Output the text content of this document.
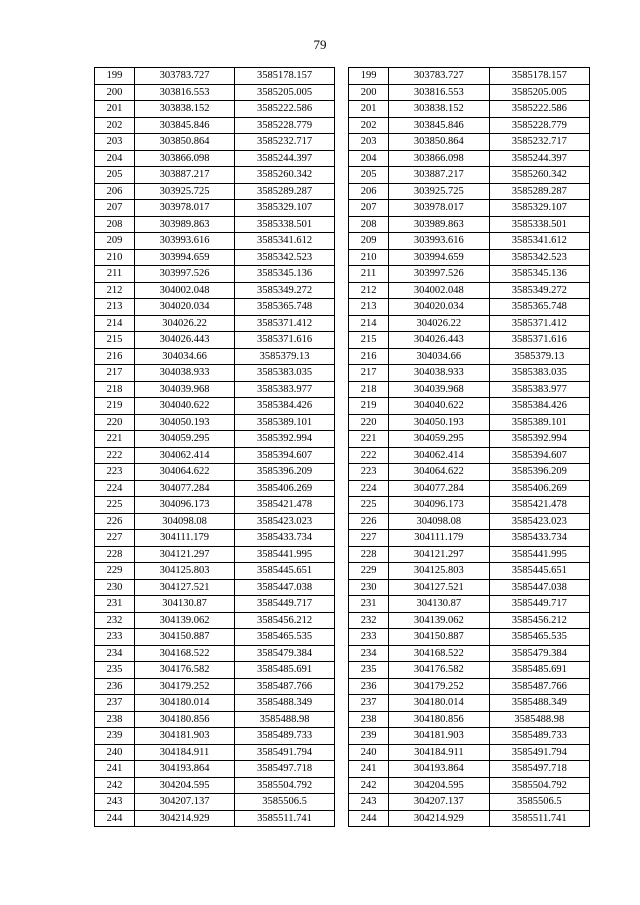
79
199	303783.727	3585178.157
200	303816.553	3585205.005
201	303838.152	3585222.586
202	303845.846	3585228.779
203	303850.864	3585232.717
204	303866.098	3585244.397
205	303887.217	3585260.342
206	303925.725	3585289.287
207	303978.017	3585329.107
208	303989.863	3585338.501
209	303993.616	3585341.612
210	303994.659	3585342.523
211	303997.526	3585345.136
212	304002.048	3585349.272
213	304020.034	3585365.748
214	304026.22	3585371.412
215	304026.443	3585371.616
216	304034.66	3585379.13
217	304038.933	3585383.035
218	304039.968	3585383.977
219	304040.622	3585384.426
220	304050.193	3585389.101
221	304059.295	3585392.994
222	304062.414	3585394.607
223	304064.622	3585396.209
224	304077.284	3585406.269
225	304096.173	3585421.478
226	304098.08	3585423.023
227	304111.179	3585433.734
228	304121.297	3585441.995
229	304125.803	3585445.651
230	304127.521	3585447.038
231	304130.87	3585449.717
232	304139.062	3585456.212
233	304150.887	3585465.535
234	304168.522	3585479.384
235	304176.582	3585485.691
236	304179.252	3585487.766
237	304180.014	3585488.349
238	304180.856	3585488.98
239	304181.903	3585489.733
240	304184.911	3585491.794
241	304193.864	3585497.718
242	304204.595	3585504.792
243	304207.137	3585506.5
244	304214.929	3585511.741
199	303783.727	3585178.157
200	303816.553	3585205.005
201	303838.152	3585222.586
202	303845.846	3585228.779
203	303850.864	3585232.717
204	303866.098	3585244.397
205	303887.217	3585260.342
206	303925.725	3585289.287
207	303978.017	3585329.107
208	303989.863	3585338.501
209	303993.616	3585341.612
210	303994.659	3585342.523
211	303997.526	3585345.136
212	304002.048	3585349.272
213	304020.034	3585365.748
214	304026.22	3585371.412
215	304026.443	3585371.616
216	304034.66	3585379.13
217	304038.933	3585383.035
218	304039.968	3585383.977
219	304040.622	3585384.426
220	304050.193	3585389.101
221	304059.295	3585392.994
222	304062.414	3585394.607
223	304064.622	3585396.209
224	304077.284	3585406.269
225	304096.173	3585421.478
226	304098.08	3585423.023
227	304111.179	3585433.734
228	304121.297	3585441.995
229	304125.803	3585445.651
230	304127.521	3585447.038
231	304130.87	3585449.717
232	304139.062	3585456.212
233	304150.887	3585465.535
234	304168.522	3585479.384
235	304176.582	3585485.691
236	304179.252	3585487.766
237	304180.014	3585488.349
238	304180.856	3585488.98
239	304181.903	3585489.733
240	304184.911	3585491.794
241	304193.864	3585497.718
242	304204.595	3585504.792
243	304207.137	3585506.5
244	304214.929	3585511.741
